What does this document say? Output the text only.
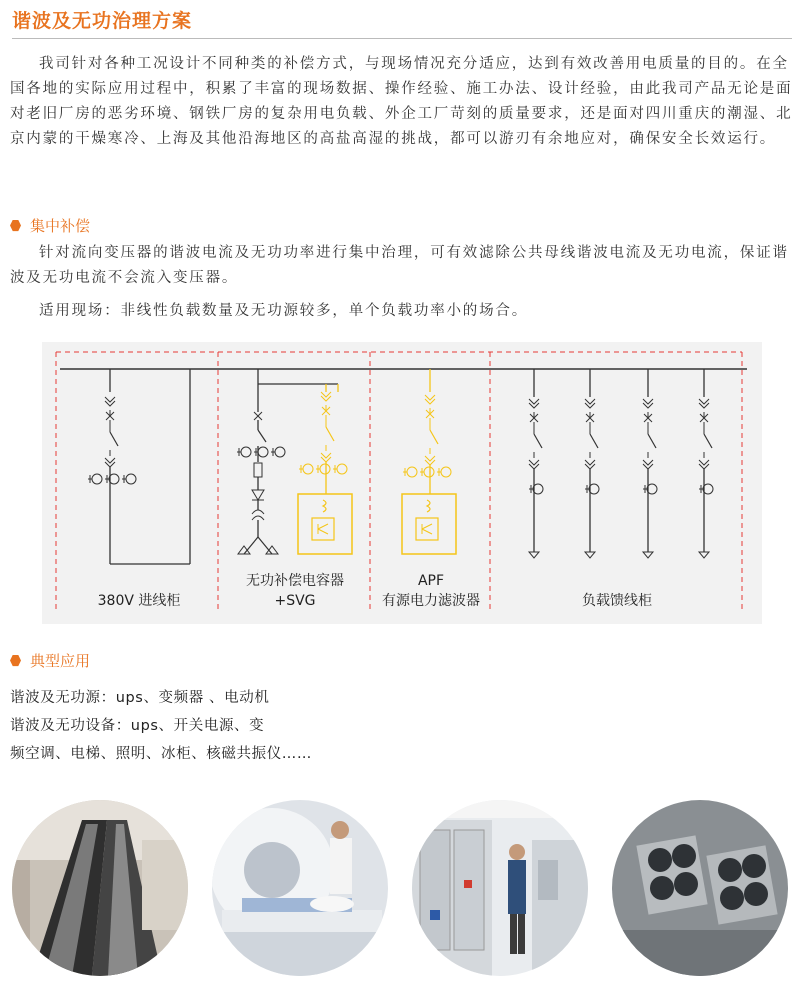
谐波及无功治理方案

我司针对各种工况设计不同种类的补偿方式，与现场情况充分适应，达到有效改善用电质量的目的。在全国各地的实际应用过程中，积累了丰富的现场数据、操作经验、施工办法、设计经验，由此我司产品无论是面对老旧厂房的恶劣环境、钢铁厂房的复杂用电负载、外企工厂苛刻的质量要求，还是面对四川重庆的潮湿、北京内蒙的干燥寒冷、上海及其他沿海地区的高盐高湿的挑战，都可以游刃有余地应对，确保安全长效运行。

集中补偿

针对流向变压器的谐波电流及无功功率进行集中治理，可有效滤除公共母线谐波电流及无功电流，保证谐波及无功电流不会流入变压器。

适用现场：非线性负载数量及无功源较多，单个负载功率小的场合。

380V 进线柜
无功补偿电容器
+SVG
APF
有源电力滤波器	负载馈线柜
典型应用
谐波及无功源：ups、变频器 、电动机
谐波及无功设备：ups、开关电源、变
频空调、电梯、照明、冰柜、核磁共振仪……
